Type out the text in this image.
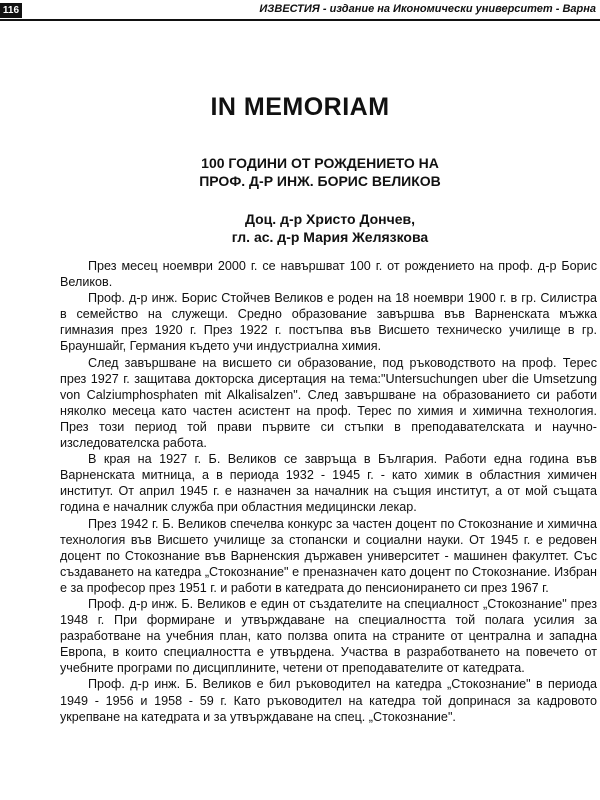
116	ИЗВЕСТИЯ - издание на Икономически университет - Варна
IN MEMORIAM
100 ГОДИНИ ОТ РОЖДЕНИЕТО НА
ПРОФ. Д-Р ИНЖ. БОРИС ВЕЛИКОВ
Доц. д-р Христо Дончев,
гл. ас. д-р Мария Желязкова

През месец ноември 2000 г. се навършват 100 г. от рождението на проф. д-р Борис Великов.

Проф. д-р инж. Борис Стойчев Великов е роден на 18 ноември 1900 г. в гр. Силистра в семейство на служещи. Средно образование завършва във Варненската мъжка гимназия през 1920 г. През 1922 г. постъпва във Висшето техническо училище в гр. Брауншайг, Германия където учи индустриална химия.

След завършване на висшето си образование, под ръководството на проф. Терес през 1927 г. защитава докторска дисертация на тема:"Untersuchungen uber die Umsetzung von Calziumphosphaten mit Alkalisalzen". След завършване на образованието си работи няколко месеца като частен асистент на проф. Терес по химия и химична технология. През този период той прави първите си стъпки в преподавателската и научно-изследователска работа.

В края на 1927 г. Б. Великов се завръща в България. Работи една година във Варненската митница, а в периода 1932 - 1945 г. - като химик в областния химичен институт. От април 1945 г. е назначен за началник на същия институт, а от мой същата година е началник служба при областния медицински лекар.

През 1942 г. Б. Великов спечелва конкурс за частен доцент по Стокознание и химична технология във Висшето училище за стопански и социални науки. От 1945 г. е редовен доцент по Стокознание във Варненския държавен университет - машинен факултет. Със създаването на катедра „Стокознание" е преназначен като доцент по Стокознание. Избран е за професор през 1951 г. и работи в катедрата до пенсионирането си през 1967 г.

Проф. д-р инж. Б. Великов е един от създателите на специалност „Стокознание" през 1948 г. При формиране и утвърждаване на специалността той полага усилия за разработване на учебния план, като ползва опита на страните от централна и западна Европа, в които специалността е утвърдена. Участва в разработването на повечето от учебните програми по дисциплините, четени от преподавателите от катедрата.

Проф. д-р инж. Б. Великов е бил ръководител на катедра „Стокознание" в периода 1949 - 1956 и 1958 - 59 г. Като ръководител на катедра той допринася за кадровото укрепване на катедрата и за утвърждаване на спец. „Стокознание".
